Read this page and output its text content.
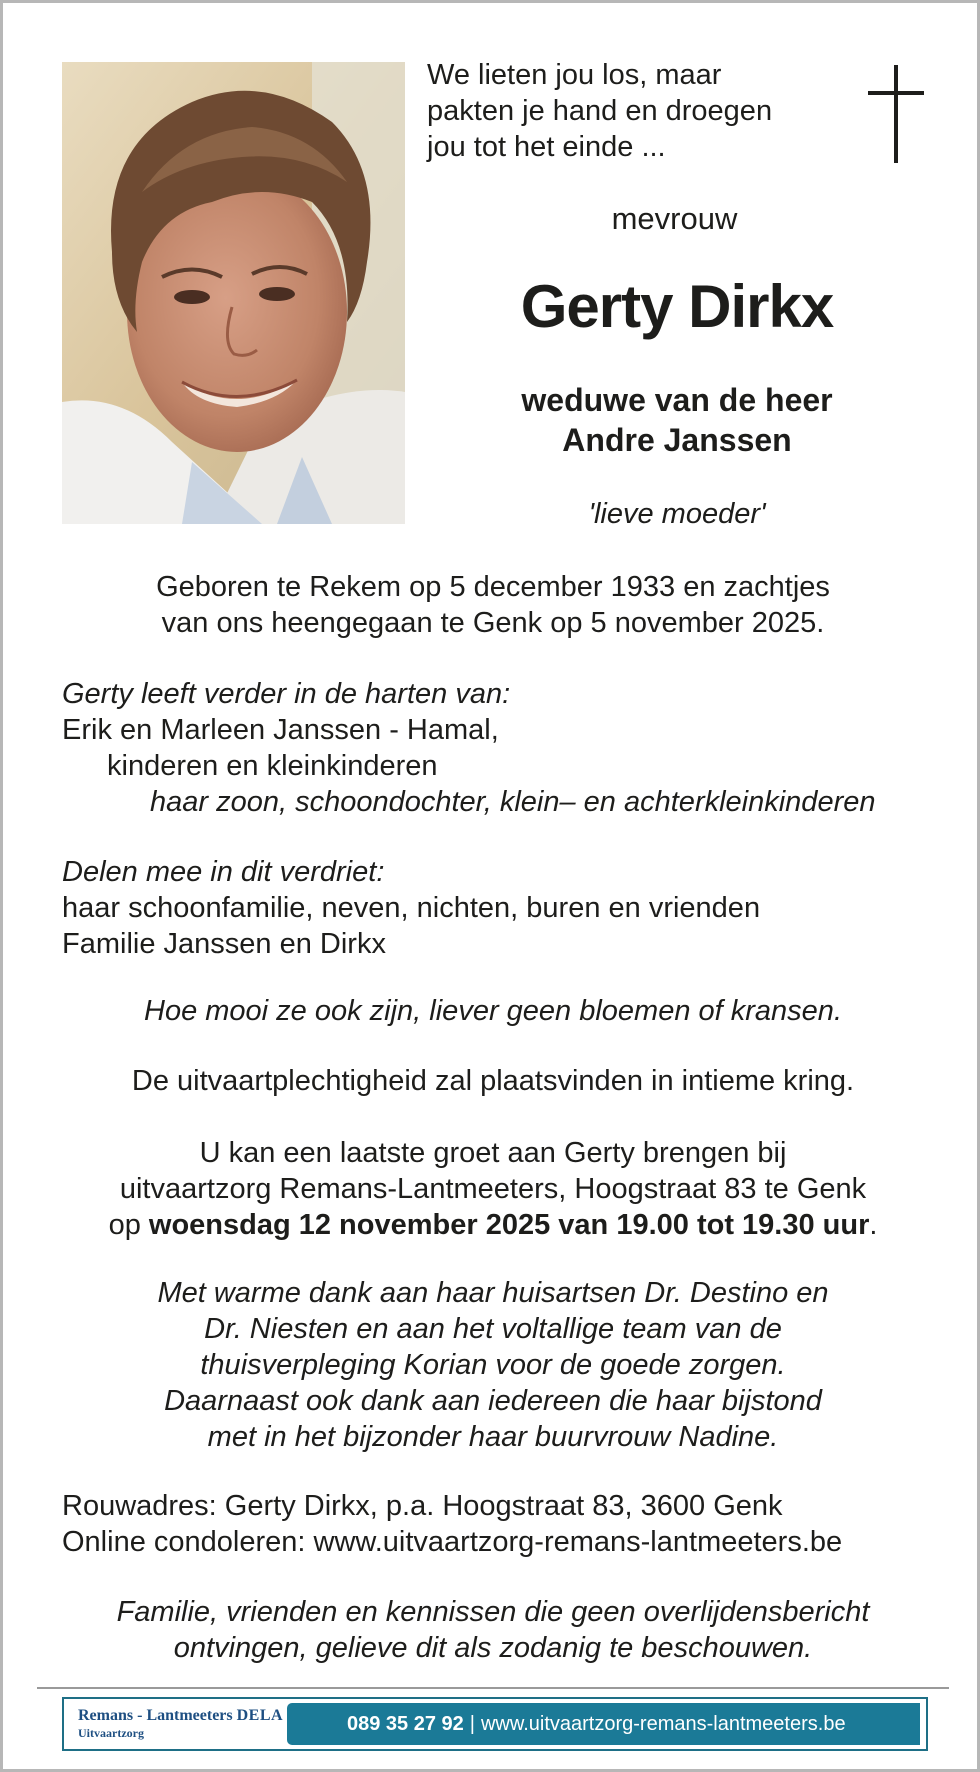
We lieten jou los, maar
pakten je hand en droegen
jou tot het einde ...
mevrouw
Gerty Dirkx
weduwe van de heer
Andre Janssen
'lieve moeder'
Geboren te Rekem op 5 december 1933 en zachtjes
van ons heengegaan te Genk op 5 november 2025.
Gerty leeft verder in de harten van:
Erik en Marleen Janssen - Hamal,
kinderen en kleinkinderen
haar zoon, schoondochter, klein– en achterkleinkinderen
Delen mee in dit verdriet:
haar schoonfamilie, neven, nichten, buren en vrienden
Familie Janssen en Dirkx
Hoe mooi ze ook zijn, liever geen bloemen of kransen.
De uitvaartplechtigheid zal plaatsvinden in intieme kring.
U kan een laatste groet aan Gerty brengen bij
uitvaartzorg Remans-Lantmeeters, Hoogstraat 83 te Genk
op woensdag 12 november 2025 van 19.00 tot 19.30 uur.
Met warme dank aan haar huisartsen Dr. Destino en
Dr. Niesten en aan het voltallige team van de
thuisverpleging Korian voor de goede zorgen.
Daarnaast ook dank aan iedereen die haar bijstond
met in het bijzonder haar buurvrouw Nadine.
Rouwadres: Gerty Dirkx, p.a. Hoogstraat 83, 3600 Genk
Online condoleren: www.uitvaartzorg-remans-lantmeeters.be
Familie, vrienden en kennissen die geen overlijdensbericht
ontvingen, gelieve dit als zodanig te beschouwen.
Remans - Lantmeeters DELA
Uitvaartzorg	089 35 27 92 | www.uitvaartzorg-remans-lantmeeters.be
